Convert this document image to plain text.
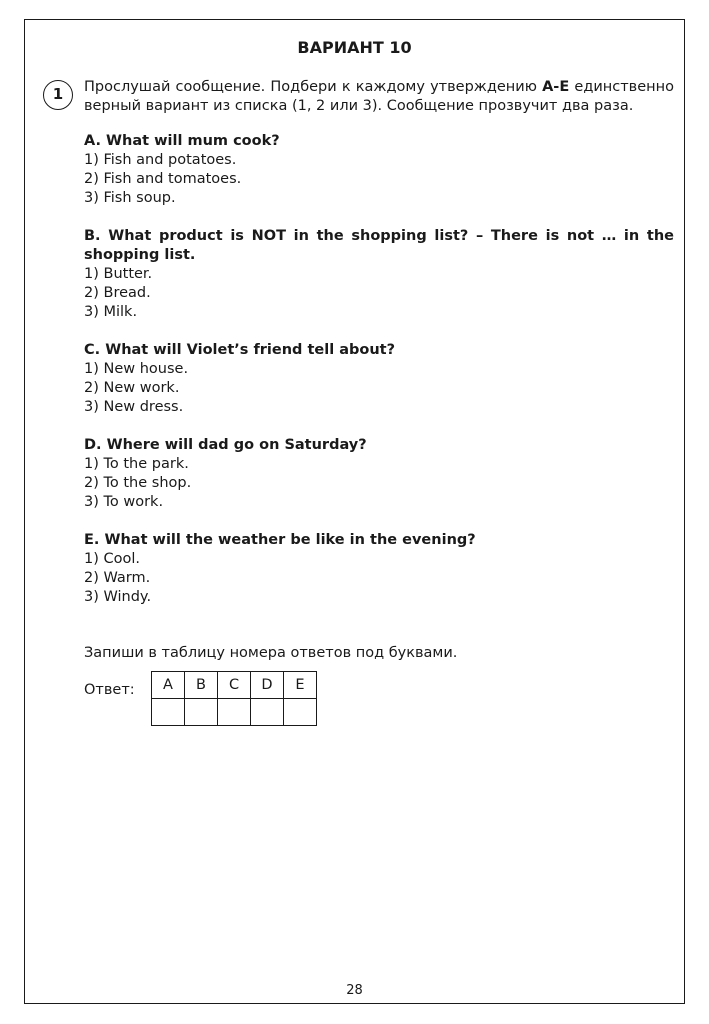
ВАРИАНТ 10
1	Прослушай сообщение. Подбери к каждому утверждению A-E единственно верный вариант из списка (1, 2 или 3). Сообщение прозвучит два раза.

A. What will mum cook?
1) Fish and potatoes.
2) Fish and tomatoes.
3) Fish soup.
B. What product is NOT in the shopping list? – There is not … in the shopping list.
1) Butter.
2) Bread.
3) Milk.
C. What will Violet’s friend tell about?
1) New house.
2) New work.
3) New dress.
D. Where will dad go on Saturday?
1) To the park.
2) To the shop.
3) To work.
E. What will the weather be like in the evening?
1) Cool.
2) Warm.
3) Windy.
Запиши в таблицу номера ответов под буквами.
Ответ: A	B	C	D	E

28
